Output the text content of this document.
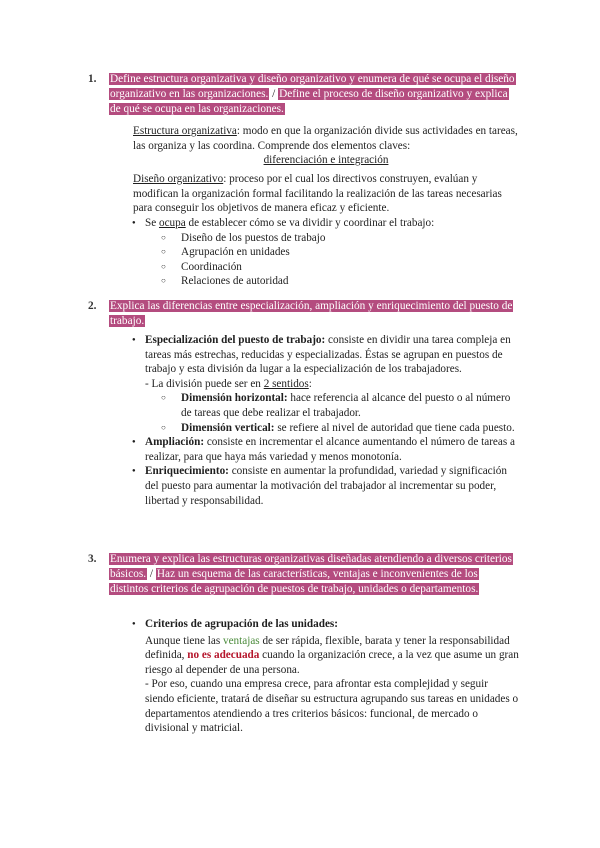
1. Define estructura organizativa y diseño organizativo y enumera de qué se ocupa el diseño organizativo en las organizaciones. / Define el proceso de diseño organizativo y explica de qué se ocupa en las organizaciones.
Estructura organizativa: modo en que la organización divide sus actividades en tareas, las organiza y las coordina. Comprende dos elementos claves:
diferenciación e integración
Diseño organizativo: proceso por el cual los directivos construyen, evalúan y modifican la organización formal facilitando la realización de las tareas necesarias para conseguir los objetivos de manera eficaz y eficiente.
● Se ocupa de establecer cómo se va dividir y coordinar el trabajo:
○ Diseño de los puestos de trabajo
○ Agrupación en unidades
○ Coordinación
○ Relaciones de autoridad
2. Explica las diferencias entre especialización, ampliación y enriquecimiento del puesto de trabajo.
● Especialización del puesto de trabajo: consiste en dividir una tarea compleja en tareas más estrechas, reducidas y especializadas. Éstas se agrupan en puestos de trabajo y esta división da lugar a la especialización de los trabajadores.
- La división puede ser en 2 sentidos:
○ Dimensión horizontal: hace referencia al alcance del puesto o al número de tareas que debe realizar el trabajador.
○ Dimensión vertical: se refiere al nivel de autoridad que tiene cada puesto.
● Ampliación: consiste en incrementar el alcance aumentando el número de tareas a realizar, para que haya más variedad y menos monotonía.
● Enriquecimiento: consiste en aumentar la profundidad, variedad y significación del puesto para aumentar la motivación del trabajador al incrementar su poder, libertad y responsabilidad.
3. Enumera y explica las estructuras organizativas diseñadas atendiendo a diversos criterios básicos. / Haz un esquema de las características, ventajas e inconvenientes de los distintos criterios de agrupación de puestos de trabajo, unidades o departamentos.
● Criterios de agrupación de las unidades:
Aunque tiene las ventajas de ser rápida, flexible, barata y tener la responsabilidad definida, no es adecuada cuando la organización crece, a la vez que asume un gran riesgo al depender de una persona.
- Por eso, cuando una empresa crece, para afrontar esta complejidad y seguir siendo eficiente, tratará de diseñar su estructura agrupando sus tareas en unidades o departamentos atendiendo a tres criterios básicos: funcional, de mercado o divisional y matricial.
